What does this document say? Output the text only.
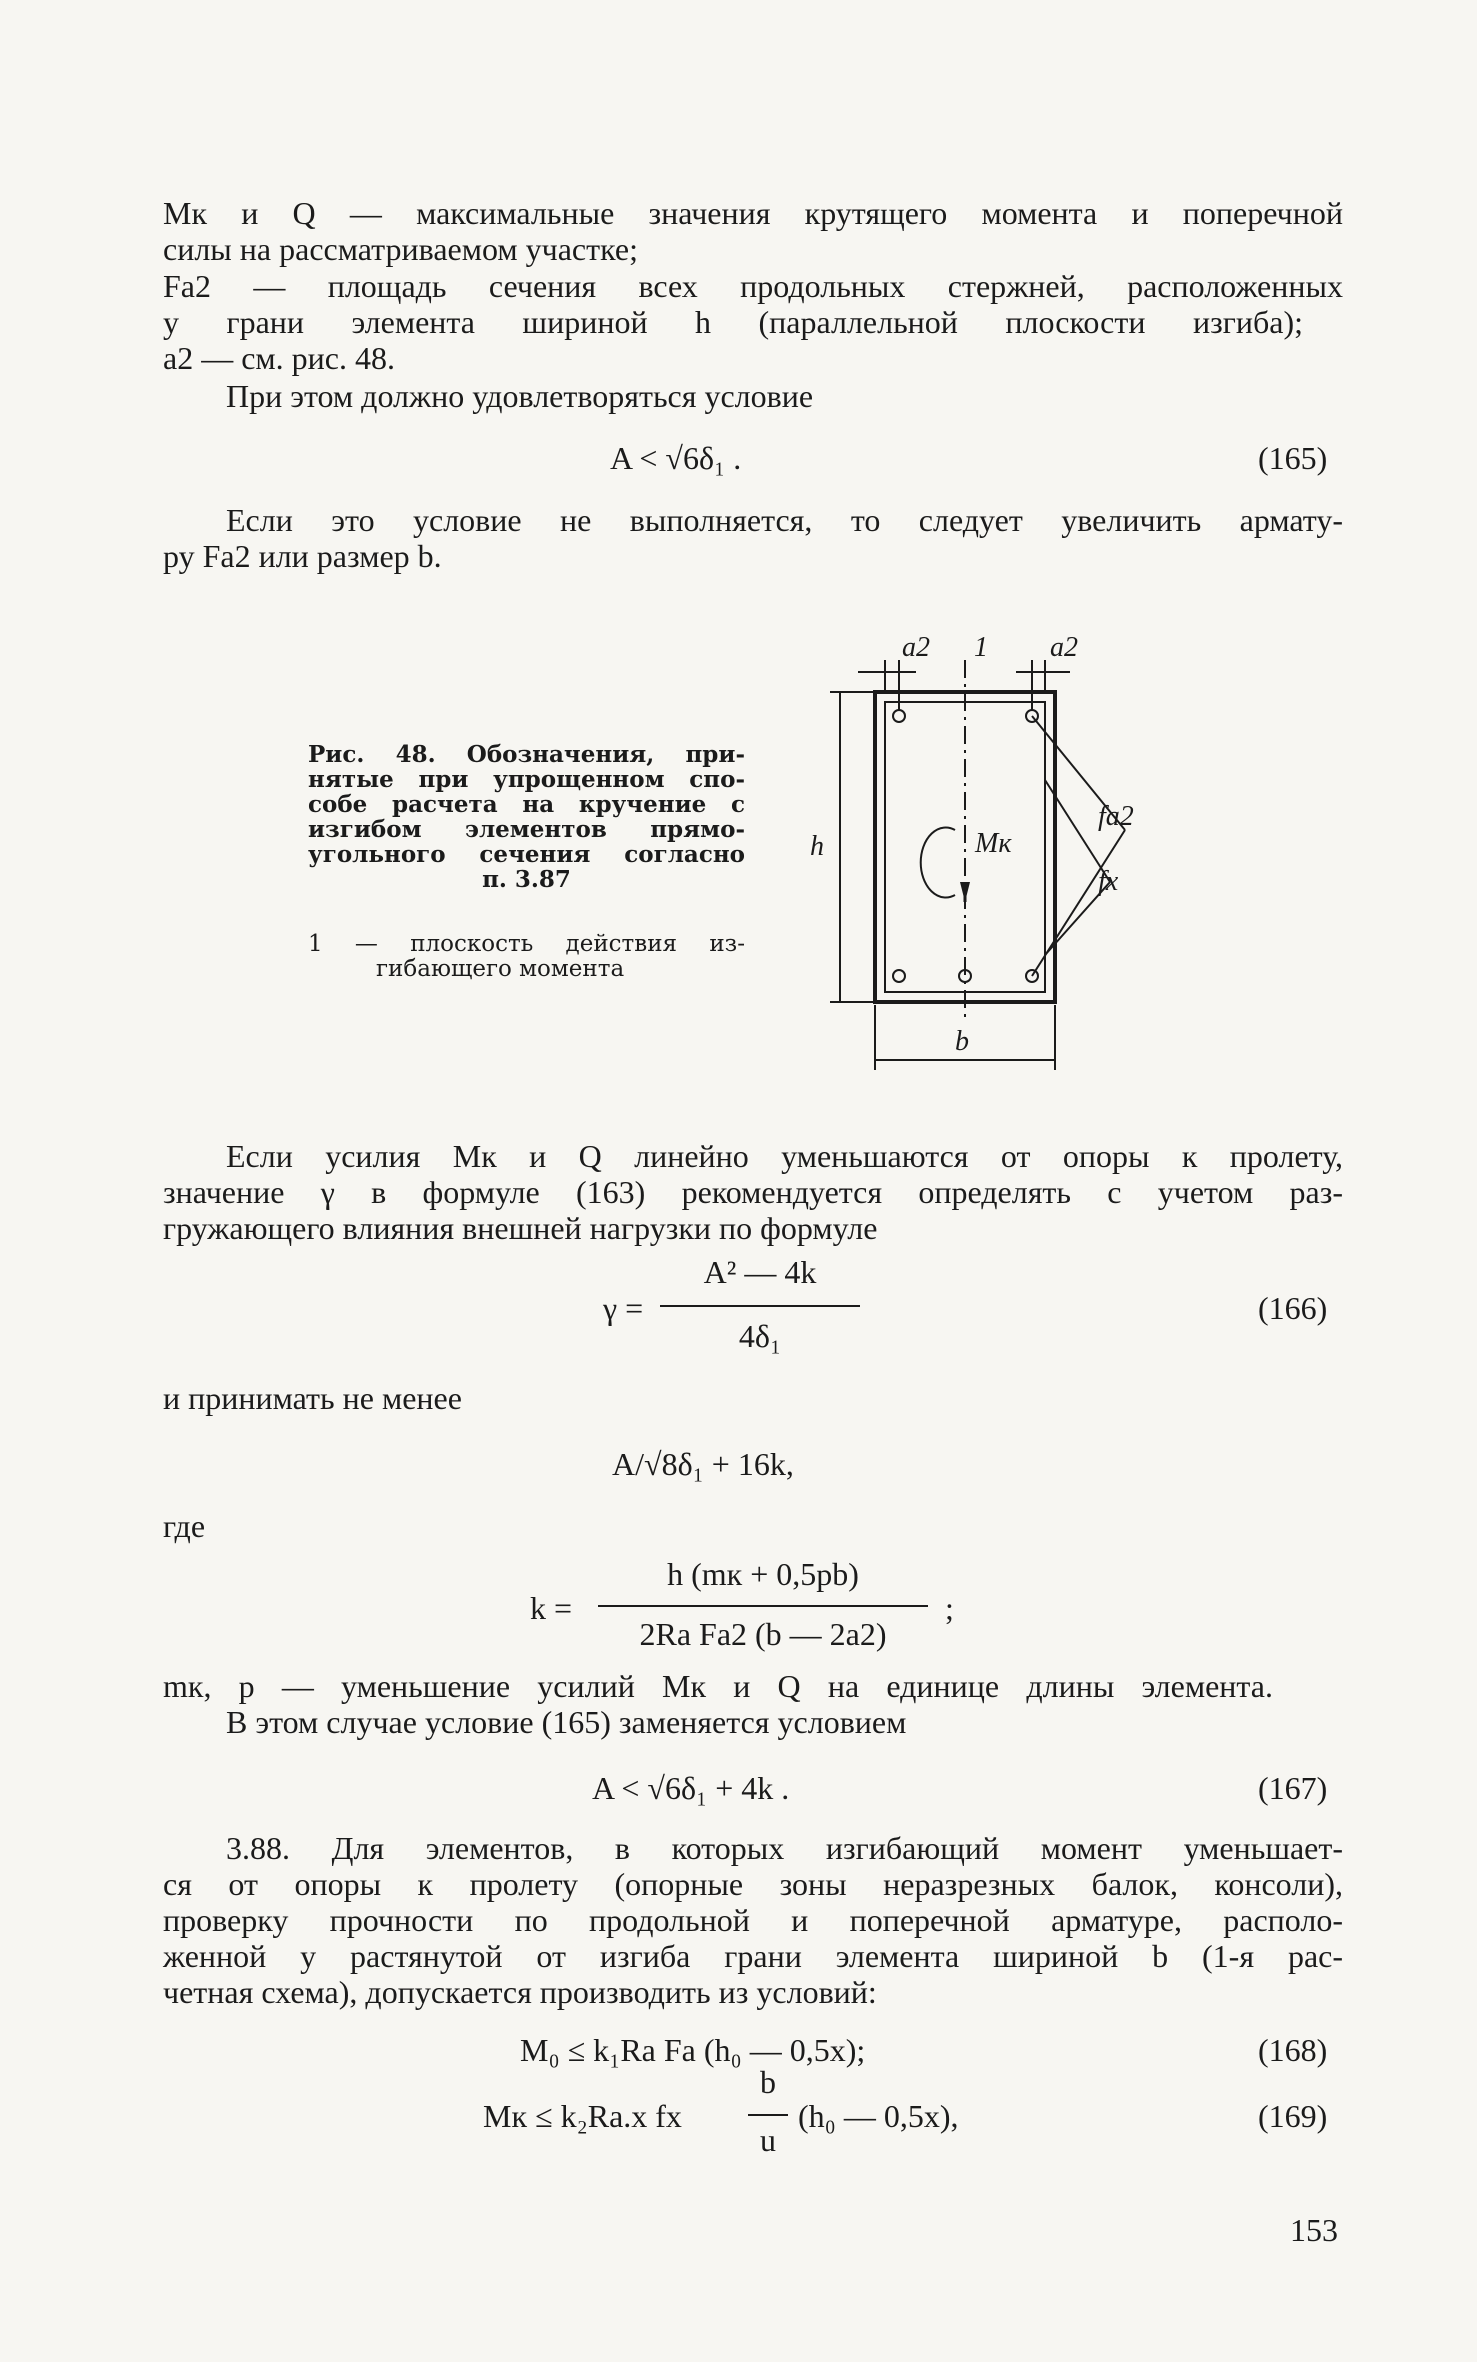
Mк и Q — максимальные значения крутящего момента и поперечной
силы на рассматриваемом участке;
Fа2 — площадь сечения всех продольных стержней, расположенных
у грани элемента шириной h (параллельной плоскости изгиба);
a2 — см. рис. 48.
При этом должно удовлетворяться условие
A < √6δ₁ .	(165)
Если это условие не выполняется, то следует увеличить армату-
ру Fа2 или размер b.
Рис. 48. Обозначения, при-
нятые при упрощенном спо-
собе расчета на кручение с
изгибом элементов прямо-
угольного сечения согласно
п. 3.87
1 — плоскость действия из-
гибающего момента
a2 1 a2
fa2
fx
Mк
h
b
Если усилия Mк и Q линейно уменьшаются от опоры к пролету,
значение γ в формуле (163) рекомендуется определять с учетом раз-
гружающего влияния внешней нагрузки по формуле
γ =
A² — 4k
4δ₁
(166)
и принимать не менее
A/√8δ₁ + 16k,
где
k =
h (mк + 0,5pb)
2Rа Fа2 (b — 2a2)
;
mк, p — уменьшение усилий Mк и Q на единице длины элемента.
В этом случае условие (165) заменяется условием
A < √6δ₁ + 4k .	(167)
3.88. Для элементов, в которых изгибающий момент уменьшает-
ся от опоры к пролету (опорные зоны неразрезных балок, консоли),
проверку прочности по продольной и поперечной арматуре, располо-
женной у растянутой от изгиба грани элемента шириной b (1-я рас-
четная схема), допускается производить из условий:
M₀ ≤ k₁Rа Fа (h₀ — 0,5x);	(168)
Mк ≤ k₂Rа.х fх
b
u
(h₀ — 0,5x),	(169)
153
